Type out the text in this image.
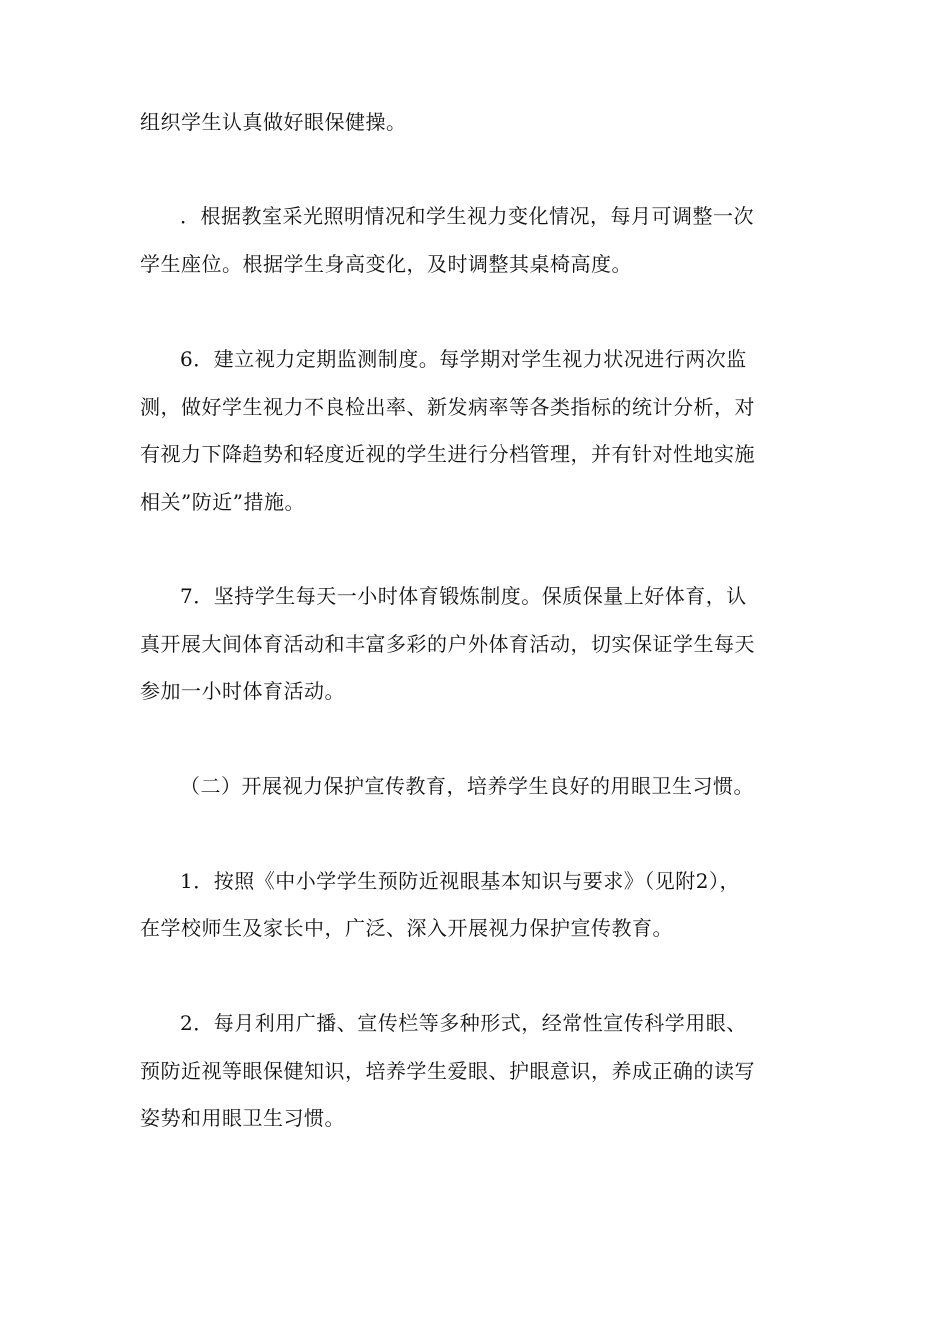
组织学生认真做好眼保健操。
．根据教室采光照明情况和学生视力变化情况，每月可调整一次
学生座位。根据学生身高变化，及时调整其桌椅高度。
6．建立视力定期监测制度。每学期对学生视力状况进行两次监
测，做好学生视力不良检出率、新发病率等各类指标的统计分析，对
有视力下降趋势和轻度近视的学生进行分档管理，并有针对性地实施
相关”防近”措施。
7．坚持学生每天一小时体育锻炼制度。保质保量上好体育，认
真开展大间体育活动和丰富多彩的户外体育活动，切实保证学生每天
参加一小时体育活动。
（二）开展视力保护宣传教育，培养学生良好的用眼卫生习惯。
1．按照《中小学学生预防近视眼基本知识与要求》（见附2），
在学校师生及家长中，广泛、深入开展视力保护宣传教育。
2．每月利用广播、宣传栏等多种形式，经常性宣传科学用眼、
预防近视等眼保健知识，培养学生爱眼、护眼意识，养成正确的读写
姿势和用眼卫生习惯。
